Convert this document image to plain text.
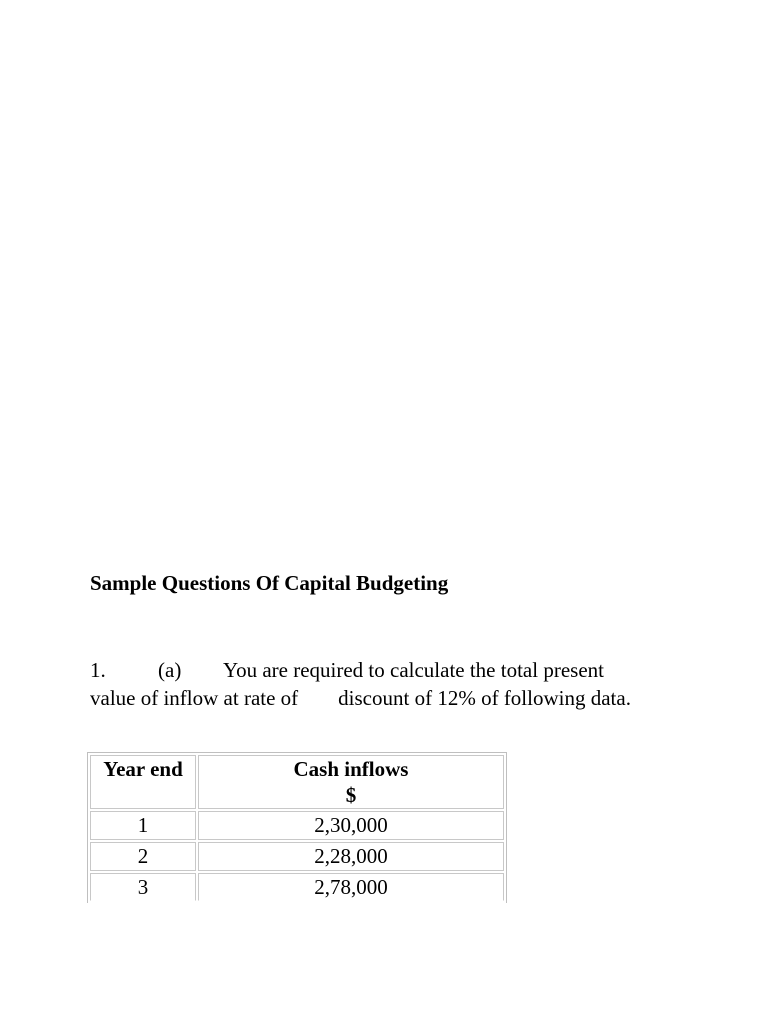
Sample Questions Of Capital Budgeting

1. (a) You are required to calculate the total present
value of inflow at rate of discount of 12% of following data.

Year end	Cash inflows
$
1	2,30,000
2	2,28,000
3	2,78,000
